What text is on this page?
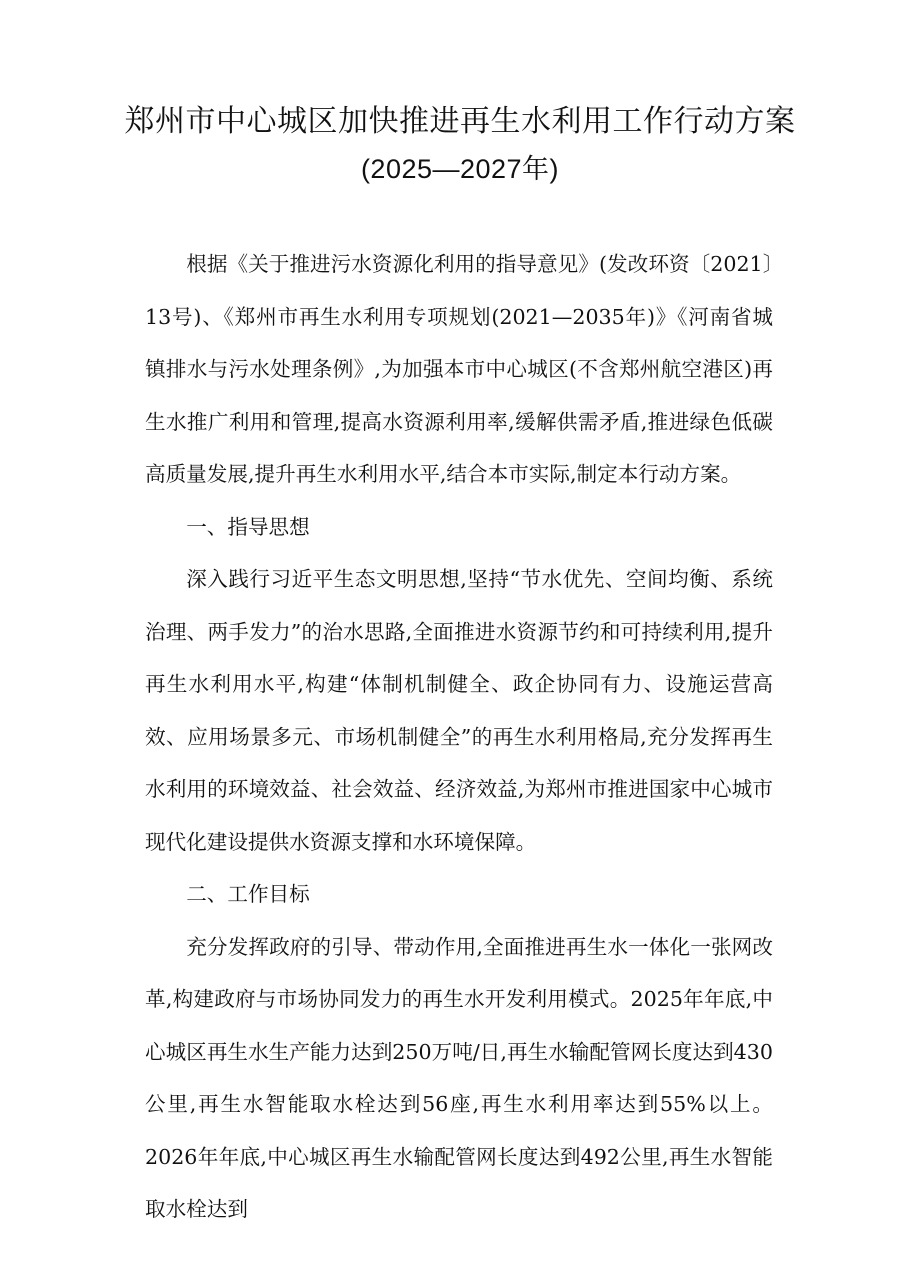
郑州市中心城区加快推进再生水利用工作行动方案
(2025—2027年)

根据《关于推进污水资源化利用的指导意见》(发改环资〔2021〕13号)、《郑州市再生水利用专项规划(2021—2035年)》《河南省城镇排水与污水处理条例》,为加强本市中心城区(不含郑州航空港区)再生水推广利用和管理,提高水资源利用率,缓解供需矛盾,推进绿色低碳高质量发展,提升再生水利用水平,结合本市实际,制定本行动方案。

一、指导思想

深入践行习近平生态文明思想,坚持“节水优先、空间均衡、系统治理、两手发力”的治水思路,全面推进水资源节约和可持续利用,提升再生水利用水平,构建“体制机制健全、政企协同有力、设施运营高效、应用场景多元、市场机制健全”的再生水利用格局,充分发挥再生水利用的环境效益、社会效益、经济效益,为郑州市推进国家中心城市现代化建设提供水资源支撑和水环境保障。

二、工作目标

充分发挥政府的引导、带动作用,全面推进再生水一体化一张网改革,构建政府与市场协同发力的再生水开发利用模式。2025年年底,中心城区再生水生产能力达到250万吨/日,再生水输配管网长度达到430公里,再生水智能取水栓达到56座,再生水利用率达到55%以上。2026年年底,中心城区再生水输配管网长度达到492公里,再生水智能取水栓达到
